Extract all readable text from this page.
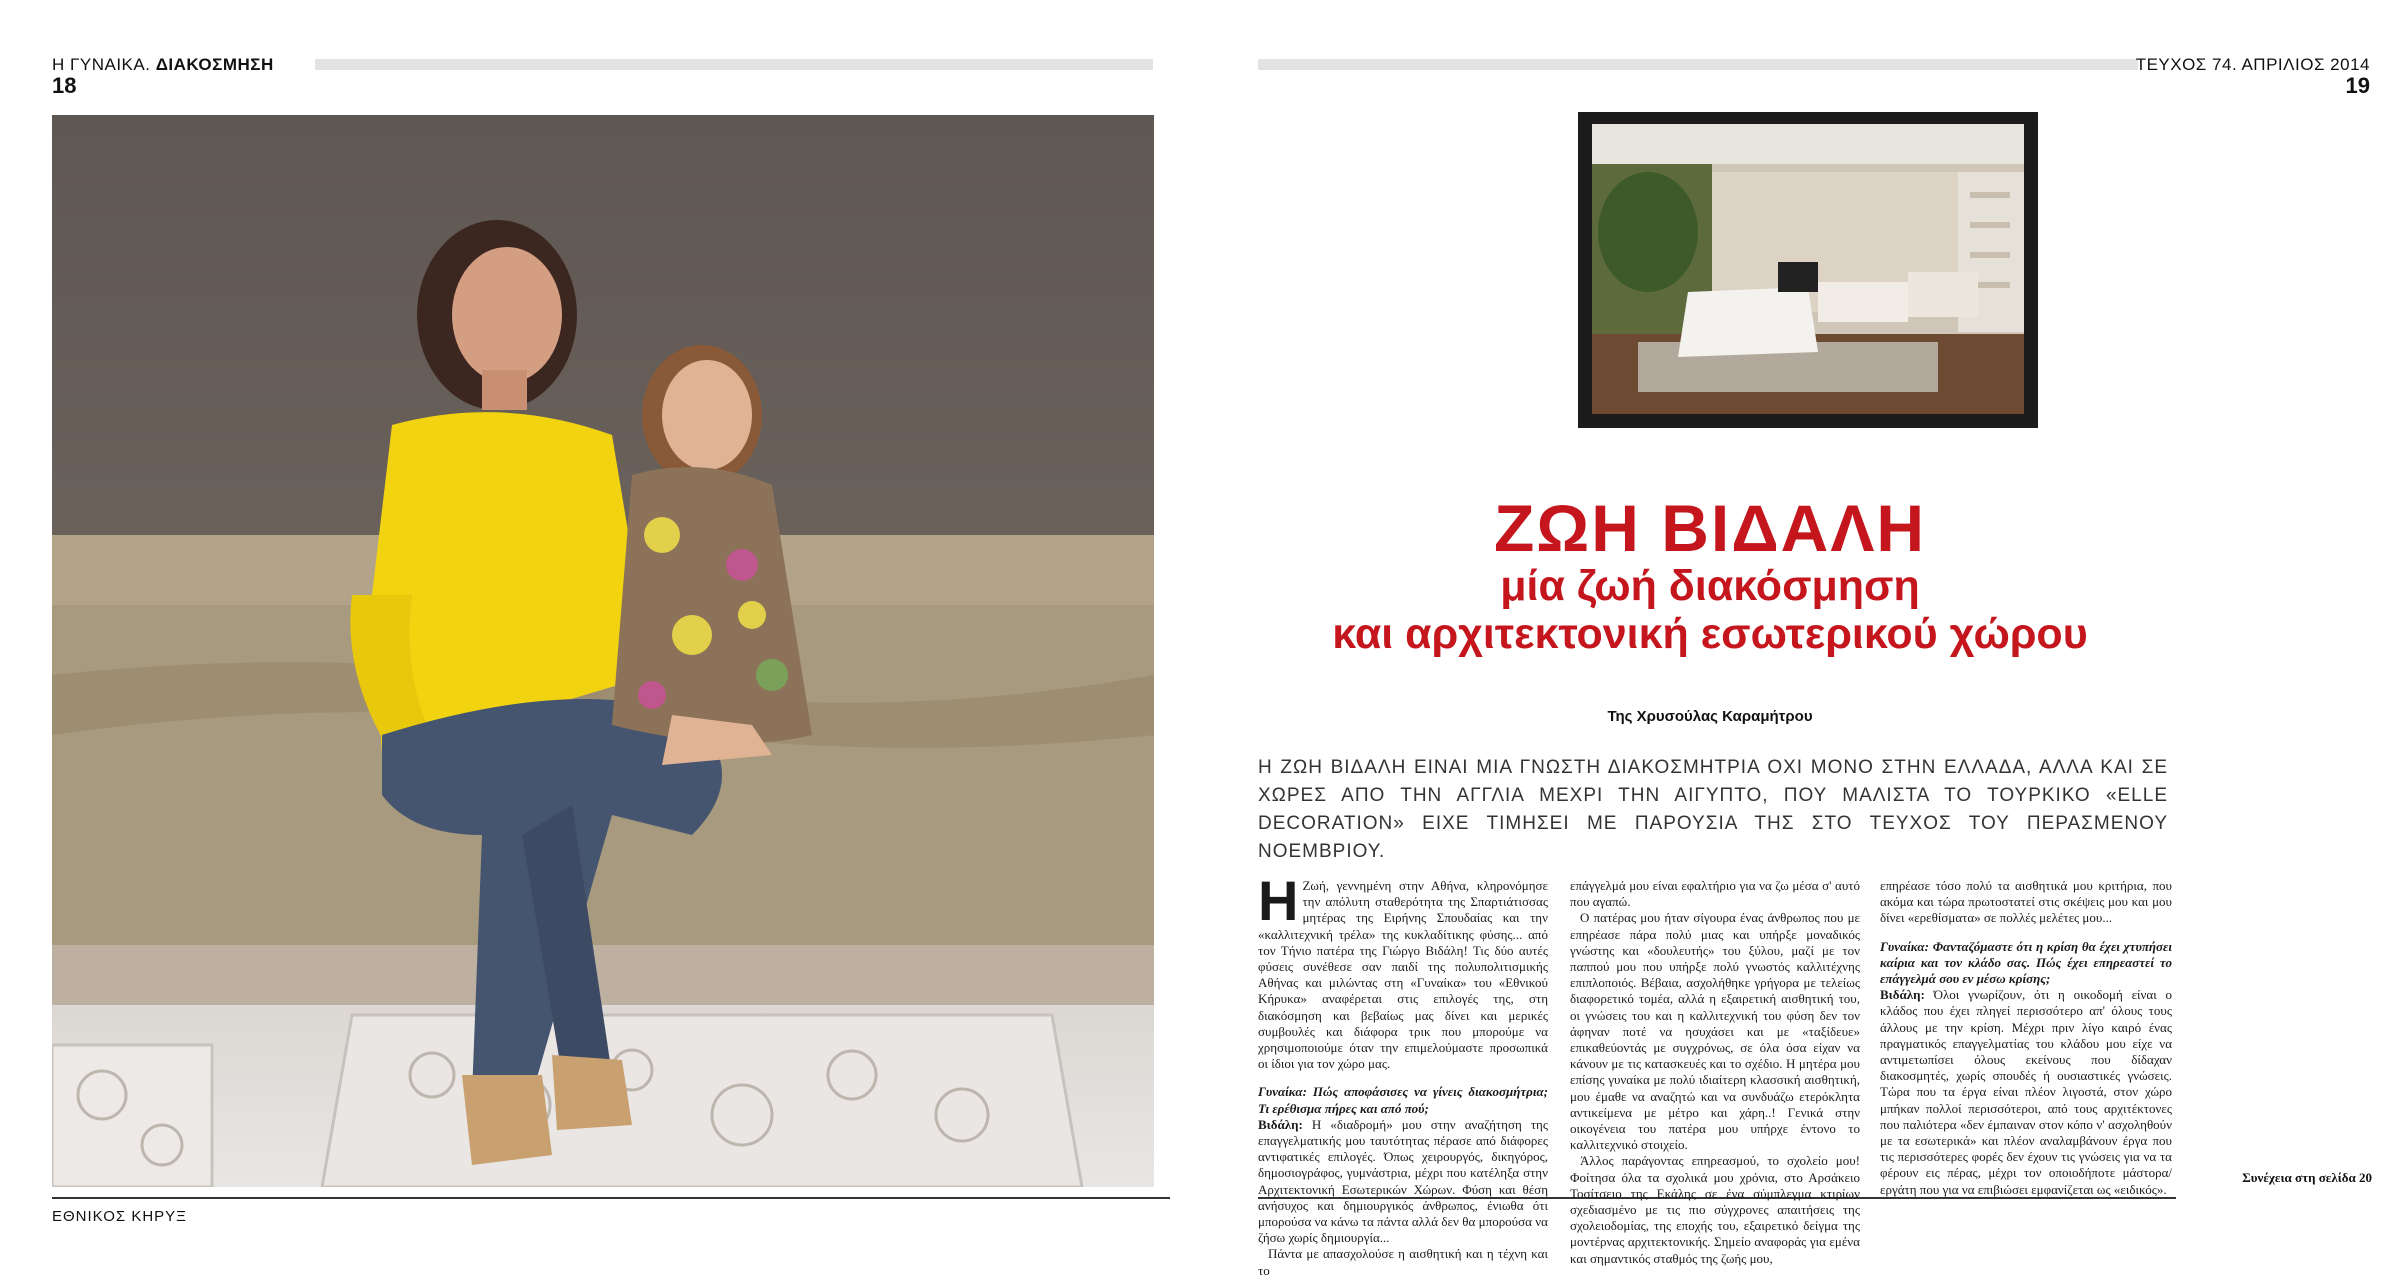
Η ΓΥΝΑΙΚΑ. ΔΙΑΚΟΣΜΗΣΗ
18
ΤΕΥΧΟΣ 74. ΑΠΡΙΛΙΟΣ 2014
19
ΕΘΝΙΚΟΣ ΚΗΡΥΞ
ΖΩΗ ΒΙΔΑΛΗ
μία ζωή διακόσμηση
και αρχιτεκτονική εσωτερικού χώρου
Της Χρυσούλας Καραμήτρου
Η ΖΩΗ ΒΙΔΑΛΗ ΕΙΝΑΙ ΜΙΑ ΓΝΩΣΤΗ ΔΙΑΚΟΣΜΗΤΡΙΑ ΟΧΙ ΜΟΝΟ ΣΤΗΝ ΕΛΛΑΔΑ, ΑΛΛΑ ΚΑΙ ΣΕ ΧΩΡΕΣ ΑΠΟ ΤΗΝ ΑΓΓΛΙΑ ΜΕΧΡΙ ΤΗΝ ΑΙΓΥΠΤΟ, ΠΟΥ ΜΑΛΙΣΤΑ ΤΟ ΤΟΥΡΚΙΚΟ «ELLE DECORATION» ΕΙΧΕ ΤΙΜΗΣΕΙ ΜΕ ΠΑΡΟΥΣΙΑ ΤΗΣ ΣΤΟ ΤΕΥΧΟΣ ΤΟΥ ΠΕΡΑΣΜΕΝΟΥ ΝΟΕΜΒΡΙΟΥ.

Η Ζωή, γεννημένη στην Αθήνα, κληρονόμησε την απόλυτη σταθερότητα της Σπαρτιάτισσας μητέρας της Ειρήνης Σπουδαίας και την «καλλιτεχνική τρέλα» της κυκλαδίτικης φύσης... από τον Τήνιο πατέρα της Γιώργο Βιδάλη! Τις δύο αυτές φύσεις συνέθεσε σαν παιδί της πολυπολιτισμικής Αθήνας και μιλώντας στη «Γυναίκα» του «Εθνικού Κήρυκα» αναφέρεται στις επιλογές της, στη διακόσμηση και βεβαίως μας δίνει και μερικές συμβουλές και διάφορα τρικ που μπορούμε να χρησιμοποιούμε όταν την επιμελούμαστε προσωπικά οι ίδιοι για τον χώρο μας.

Γυναίκα: Πώς αποφάσισες να γίνεις διακοσμήτρια; Τι ερέθισμα πήρες και από πού;

Βιδάλη: Η «διαδρομή» μου στην αναζήτηση της επαγγελματικής μου ταυτότητας πέρασε από διάφορες αντιφατικές επιλογές. Όπως χειρουργός, δικηγόρος, δημοσιογράφος, γυμνάστρια, μέχρι που κατέληξα στην Αρχιτεκτονική Εσωτερικών Χώρων. Φύση και θέση ανήσυχος και δημιουργικός άνθρωπος, ένιωθα ότι μπορούσα να κάνω τα πάντα αλλά δεν θα μπορούσα να ζήσω χωρίς δημιουργία...

Πάντα με απασχολούσε η αισθητική και η τέχνη και το

επάγγελμά μου είναι εφαλτήριο για να ζω μέσα σ' αυτό που αγαπώ.

Ο πατέρας μου ήταν σίγουρα ένας άνθρωπος που με επηρέασε πάρα πολύ μιας και υπήρξε μοναδικός γνώστης και «δουλευτής» του ξύλου, μαζί με τον παππού μου που υπήρξε πολύ γνωστός καλλιτέχνης επιπλοποιός. Βέβαια, ασχολήθηκε γρήγορα με τελείως διαφορετικό τομέα, αλλά η εξαιρετική αισθητική του, οι γνώσεις του και η καλλιτεχνική του φύση δεν τον άφηναν ποτέ να ησυχάσει και με «ταξίδευε» επικαθεύοντάς με συγχρόνως, σε όλα όσα είχαν να κάνουν με τις κατασκευές και το σχέδιο. Η μητέρα μου επίσης γυναίκα με πολύ ιδιαίτερη κλασσική αισθητική, μου έμαθε να αναζητώ και να συνδυάζω ετερόκλητα αντικείμενα με μέτρο και χάρη..! Γενικά στην οικογένεια του πατέρα μου υπήρχε έντονο το καλλιτεχνικό στοιχείο.

Άλλος παράγοντας επηρεασμού, το σχολείο μου! Φοίτησα όλα τα σχολικά μου χρόνια, στο Αρσάκειο Τοσίτσειο της Εκάλης σε ένα σύμπλεγμα κτιρίων σχεδιασμένο με τις πιο σύγχρονες απαιτήσεις της σχολειοδομίας, της εποχής του, εξαιρετικό δείγμα της μοντέρνας αρχιτεκτονικής. Σημείο αναφοράς για εμένα και σημαντικός σταθμός της ζωής μου,

επηρέασε τόσο πολύ τα αισθητικά μου κριτήρια, που ακόμα και τώρα πρωτοστατεί στις σκέψεις μου και μου δίνει «ερεθίσματα» σε πολλές μελέτες μου...

Γυναίκα: Φανταζόμαστε ότι η κρίση θα έχει χτυπήσει καίρια και τον κλάδο σας. Πώς έχει επηρεαστεί το επάγγελμά σου εν μέσω κρίσης;

Βιδάλη: Όλοι γνωρίζουν, ότι η οικοδομή είναι ο κλάδος που έχει πληγεί περισσότερο απ' όλους τους άλλους με την κρίση. Μέχρι πριν λίγο καιρό ένας πραγματικός επαγγελματίας του κλάδου μου είχε να αντιμετωπίσει όλους εκείνους που δίδαχαν διακοσμητές, χωρίς σπουδές ή ουσιαστικές γνώσεις. Τώρα που τα έργα είναι πλέον λιγοστά, στον χώρο μπήκαν πολλοί περισσότεροι, από τους αρχιτέκτονες που παλιότερα «δεν έμπαιναν στον κόπο ν' ασχοληθούν με τα εσωτερικά» και πλέον αναλαμβάνουν έργα που τις περισσότερες φορές δεν έχουν τις γνώσεις για να τα φέρουν εις πέρας, μέχρι τον οποιοδήποτε μάστορα/εργάτη που για να επιβιώσει εμφανίζεται ως «ειδικός».

Συνέχεια στη σελίδα 20
